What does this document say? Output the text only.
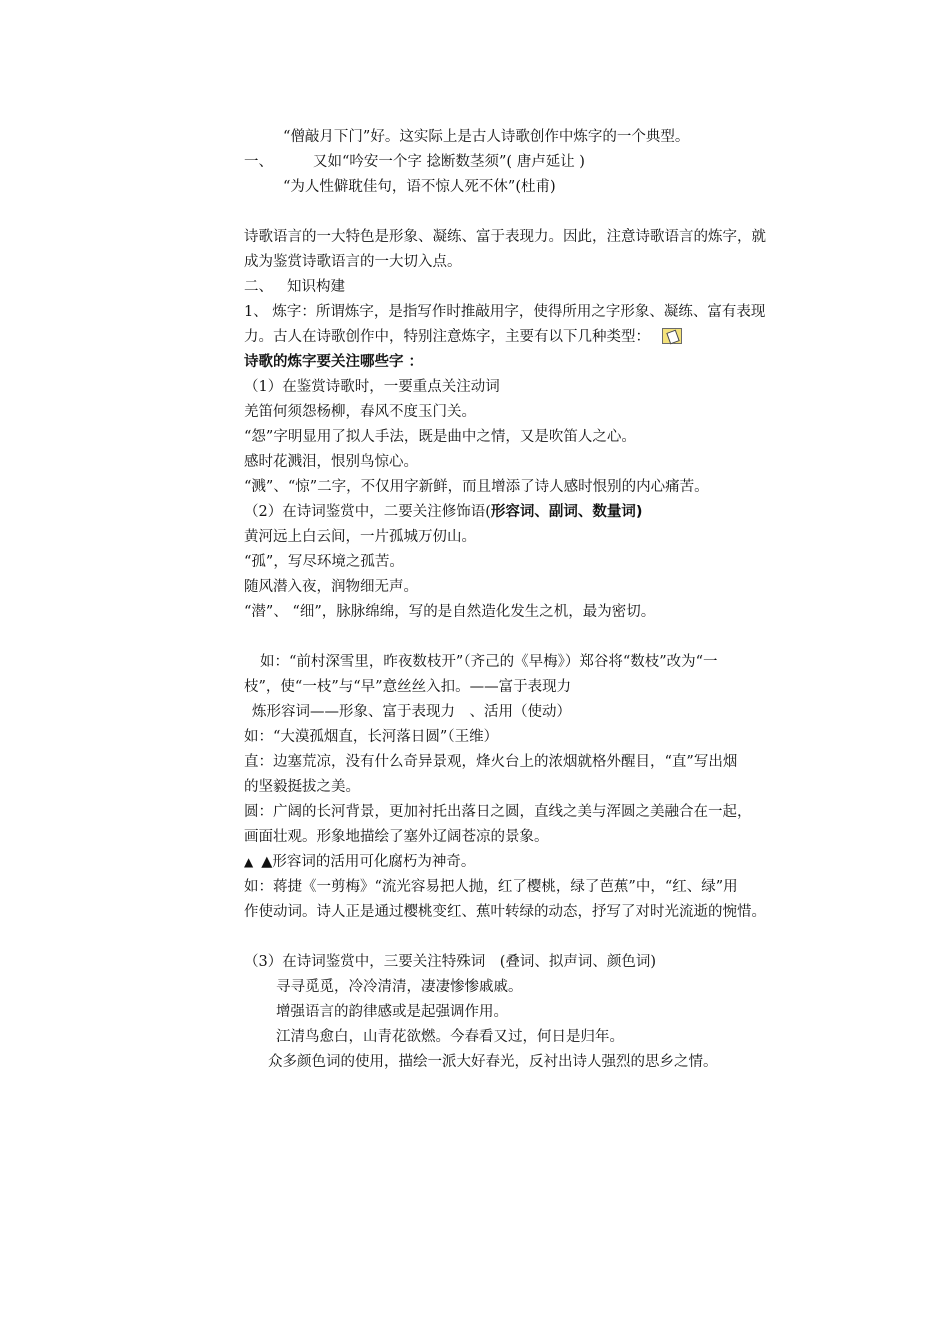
“僧敲月下门”好。这实际上是古人诗歌创作中炼字的一个典型。
一、	又如“吟安一个字 捻断数茎须”( 唐卢延让 )
“为人性僻耽佳句，语不惊人死不休”(杜甫)
诗歌语言的一大特色是形象、凝练、富于表现力。因此，注意诗歌语言的炼字，就
成为鉴赏诗歌语言的一大切入点。
二、 知识构建
1、 炼字：所谓炼字，是指写作时推敲用字，使得所用之字形象、凝练、富有表现
力。古人在诗歌创作中，特别注意炼字，主要有以下几种类型：
诗歌的炼字要关注哪些字 ：
（1）在鉴赏诗歌时，一要重点关注动词
羌笛何须怨杨柳，春风不度玉门关。
“怨”字明显用了拟人手法，既是曲中之情，又是吹笛人之心。
感时花溅泪，恨别鸟惊心。
“溅”、“惊”二字，不仅用字新鲜，而且增添了诗人感时恨别的内心痛苦。
（2）在诗词鉴赏中，二要关注修饰语(形容词、副词、数量词)
黄河远上白云间，一片孤城万仞山。
“孤”，写尽环境之孤苦。
随风潜入夜，润物细无声。
“潜”、 “细”，脉脉绵绵，写的是自然造化发生之机，最为密切。
如：“前村深雪里，昨夜数枝开”（齐己的《早梅》）郑谷将“数枝”改为“一
枝”，使“一枝”与“早”意丝丝入扣。——富于表现力
炼形容词——形象、富于表现力　、活用（使动）
如：“大漠孤烟直，长河落日圆”（王维）
直：边塞荒凉，没有什么奇异景观，烽火台上的浓烟就格外醒目，“直”写出烟
的坚毅挺拔之美。
圆：广阔的长河背景，更加衬托出落日之圆，直线之美与浑圆之美融合在一起，
画面壮观。形象地描绘了塞外辽阔苍凉的景象。
▲ ▲形容词的活用可化腐朽为神奇。
如：蒋捷《一剪梅》“流光容易把人抛，红了樱桃，绿了芭蕉”中，“红、绿”用
作使动词。诗人正是通过樱桃变红、蕉叶转绿的动态，抒写了对时光流逝的惋惜。
（3）在诗词鉴赏中，三要关注特殊词　(叠词、拟声词、颜色词)
寻寻觅觅，冷冷清清，凄凄惨惨戚戚。
增强语言的韵律感或是起强调作用。
江清鸟愈白，山青花欲燃。今春看又过，何日是归年。
众多颜色词的使用，描绘一派大好春光，反衬出诗人强烈的思乡之情。
